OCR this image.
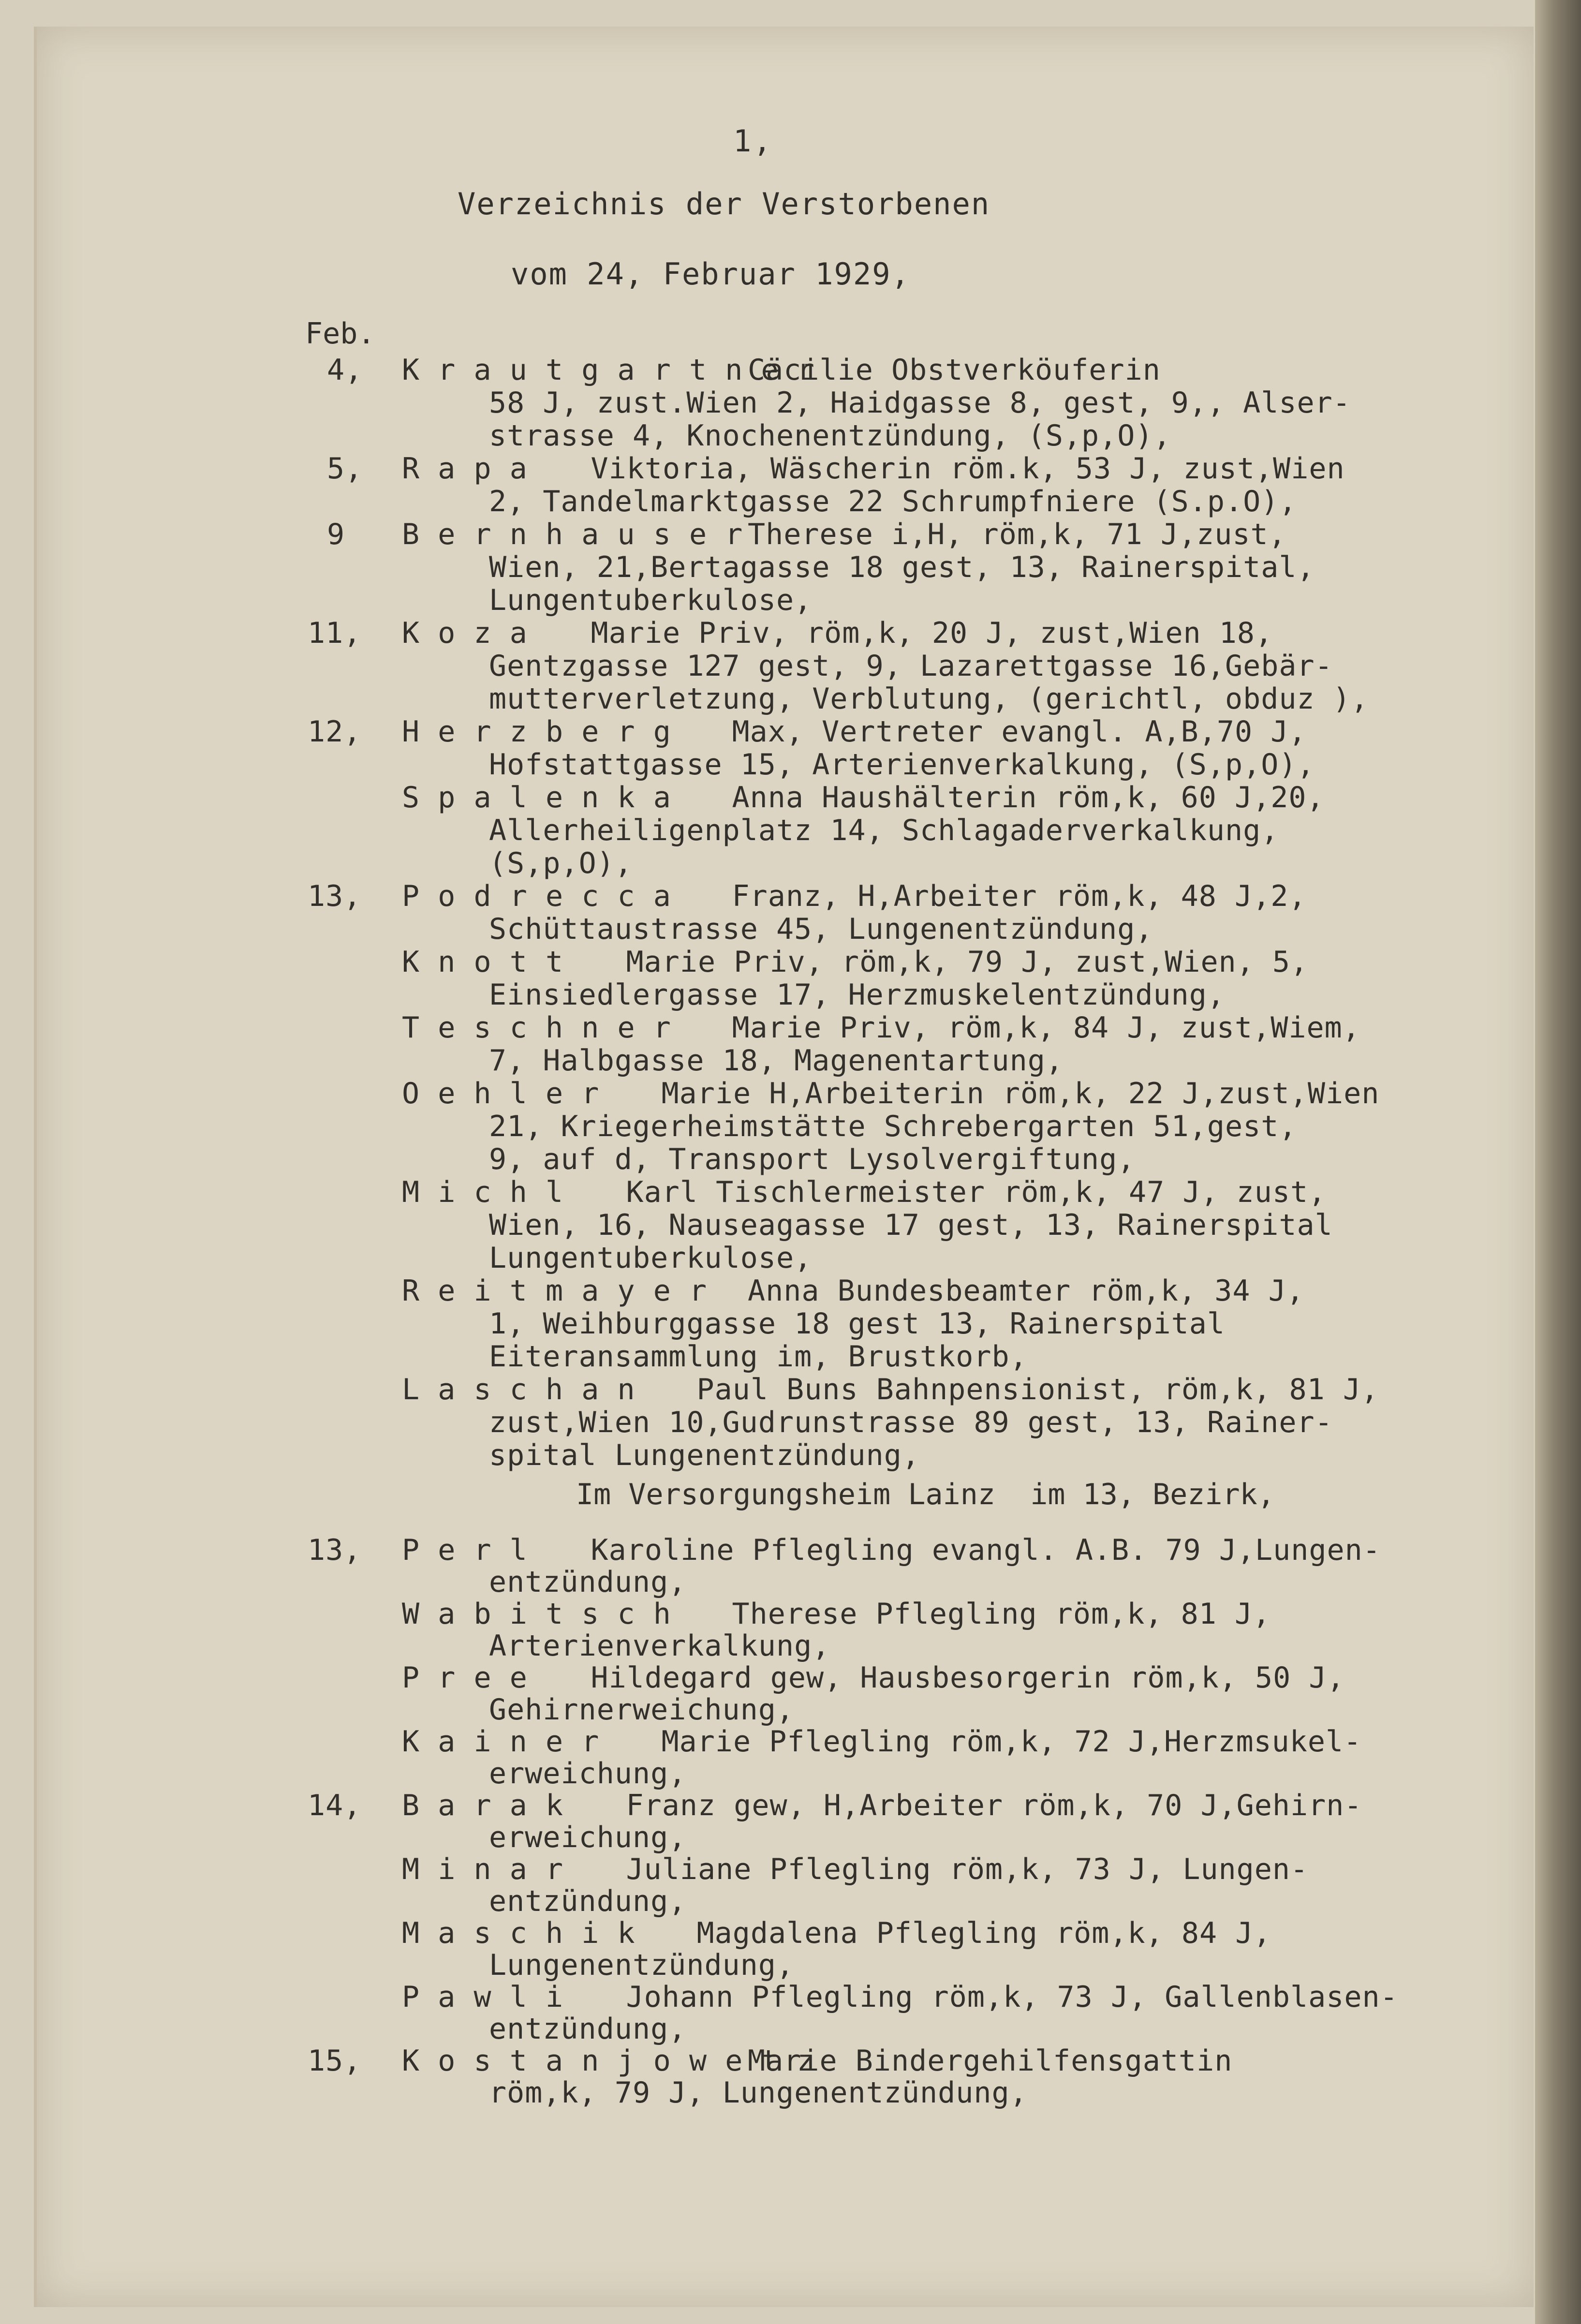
1,
Verzeichnis der Verstorbenen
vom 24, Februar 1929,
Feb.
4, K r a u t g a r t n e r
Cäcilie Obstverköuferin
58 J, zust.Wien 2, Haidgasse 8, gest, 9,, Alser-
strasse 4, Knochenentzündung, (S,p,O),
5, R a p a Viktoria, Wäscherin röm.k, 53 J, zust,Wien
2, Tandelmarktgasse 22 Schrumpfniere (S.p.O),
9 B e r n h a u s e r Therese i,H, röm,k, 71 J,zust,
Wien, 21,Bertagasse 18 gest, 13, Rainerspital,
Lungentuberkulose,
11, K o z a Marie Priv, röm,k, 20 J, zust,Wien 18,
Gentzgasse 127 gest, 9, Lazarettgasse 16,Gebär-
mutterverletzung, Verblutung, (gerichtl, obduz ),
12, H e r z b e r g Max, Vertreter evangl. A,B,70 J,
Hofstattgasse 15, Arterienverkalkung, (S,p,O),
S p a l e n k a Anna Haushälterin röm,k, 60 J,20,
Allerheiligenplatz 14, Schlagaderverkalkung,
(S,p,O),
13, P o d r e c c a Franz, H,Arbeiter röm,k, 48 J,2,
Schüttaustrasse 45, Lungenentzündung,
K n o t t Marie Priv, röm,k, 79 J, zust,Wien, 5,
Einsiedlergasse 17, Herzmuskelentzündung,
T e s c h n e r Marie Priv, röm,k, 84 J, zust,Wiem,
7, Halbgasse 18, Magenentartung,
O e h l e r Marie H,Arbeiterin röm,k, 22 J,zust,Wien
21, Kriegerheimstätte Schrebergarten 51,gest,
9, auf d, Transport Lysolvergiftung,
M i c h l Karl Tischlermeister röm,k, 47 J, zust,
Wien, 16, Nauseagasse 17 gest, 13, Rainerspital
Lungentuberkulose,
R e i t m a y e r Anna Bundesbeamter röm,k, 34 J,
1, Weihburggasse 18 gest 13, Rainerspital
Eiteransammlung im, Brustkorb,
L a s c h a n Paul Buns Bahnpensionist, röm,k, 81 J,
zust,Wien 10,Gudrunstrasse 89 gest, 13, Rainer-
spital Lungenentzündung,
Im Versorgungsheim Lainz  im 13, Bezirk,
13, P e r l Karoline Pflegling evangl. A.B. 79 J,Lungen-
entzündung,
W a b i t s c h Therese Pflegling röm,k, 81 J,
Arterienverkalkung,
P r e e Hildegard gew, Hausbesorgerin röm,k, 50 J,
Gehirnerweichung,
K a i n e r Marie Pflegling röm,k, 72 J,Herzmsukel-
erweichung,
14, B a r a k Franz gew, H,Arbeiter röm,k, 70 J,Gehirn-
erweichung,
M i n a r Juliane Pflegling röm,k, 73 J, Lungen-
entzündung,
M a s c h i k Magdalena Pflegling röm,k, 84 J,
Lungenentzündung,
P a w l i Johann Pflegling röm,k, 73 J, Gallenblasen-
entzündung,
15, K o s t a n j o w e t z
Marie Bindergehilfensgattin
röm,k, 79 J, Lungenentzündung,
